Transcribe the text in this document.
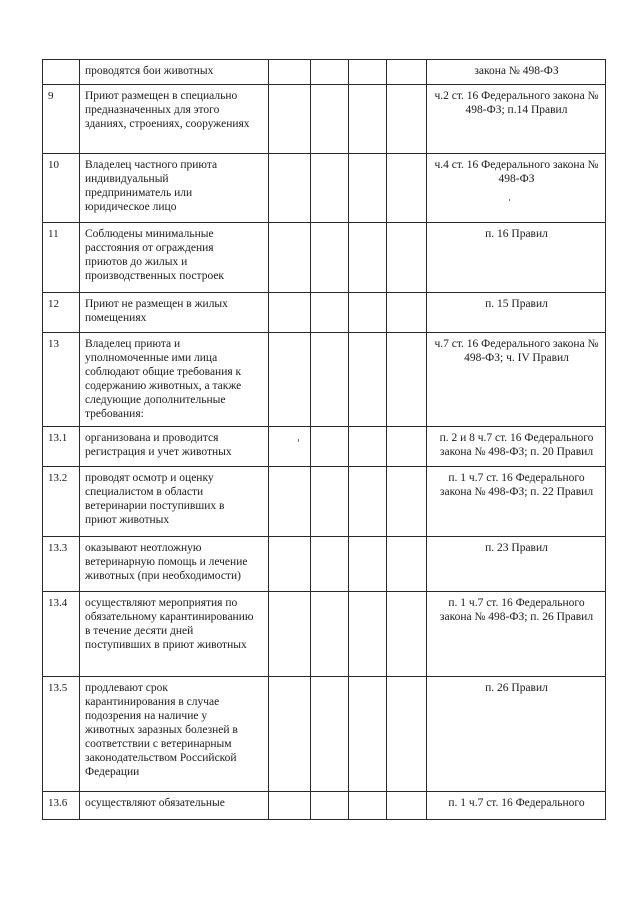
	проводятся бои животных					закона № 498-ФЗ

9	Приют размещен в специально предназначенных для этого зданиях, строениях, сооружениях					ч.2 ст. 16 Федерального закона № 498-ФЗ; п.14 Правил

10	Владелец частного приюта индивидуальный предприниматель или юридическое лицо					ч.4 ст. 16 Федерального закона № 498-ФЗ

11	Соблюдены минимальные расстояния от ограждения приютов до жилых и производственных построек					п. 16 Правил

12	Приют не размещен в жилых помещениях					п. 15 Правил

13	Владелец приюта и уполномоченные ими лица соблюдают общие требования к содержанию животных, а также следующие дополнительные требования:					ч.7 ст. 16 Федерального закона № 498-ФЗ; ч. IV Правил

13.1	организована и проводится регистрация и учет животных					п. 2 и 8 ч.7 ст. 16 Федерального закона № 498-ФЗ; п. 20 Правил

13.2	проводят осмотр и оценку специалистом в области ветеринарии поступивших в приют животных					п. 1 ч.7 ст. 16 Федерального закона № 498-ФЗ; п. 22 Правил

13.3	оказывают неотложную ветеринарную помощь и лечение животных (при необходимости)					п. 23 Правил

13.4	осуществляют мероприятия по обязательному карантинированию в течение десяти дней поступивших в приют животных					п. 1 ч.7 ст. 16 Федерального закона № 498-ФЗ; п. 26 Правил

13.5	продлевают срок карантинирования в случае подозрения на наличие у животных заразных болезней в соответствии с ветеринарным законодательством Российской Федерации					п. 26 Правил

13.6	осуществляют обязательные					п. 1 ч.7 ст. 16 Федерального
